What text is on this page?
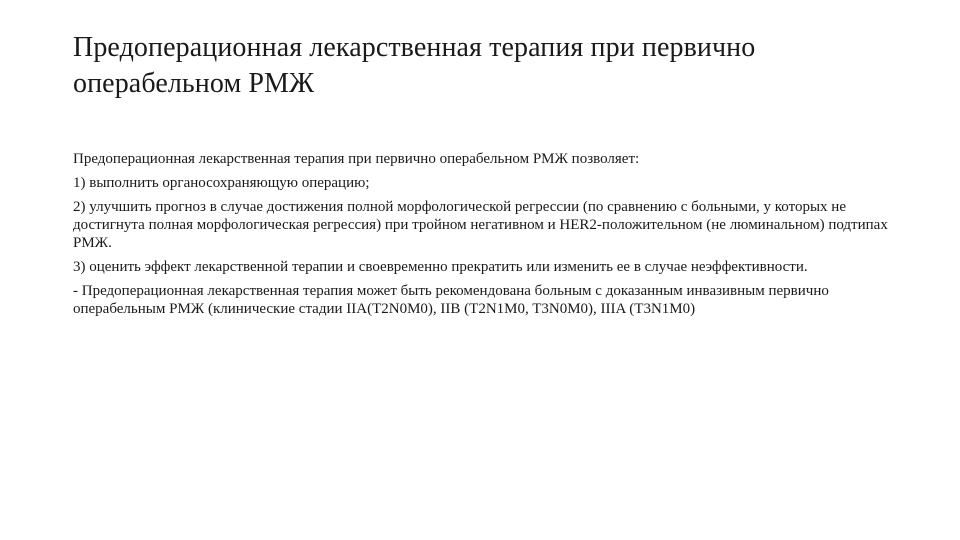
Предоперационная лекарственная терапия при первично операбельном РМЖ

Предоперационная лекарственная терапия при первично операбельном РМЖ позволяет:

1) выполнить органосохраняющую операцию;

2) улучшить прогноз в случае достижения полной морфологической регрессии (по сравнению с больными, у которых не достигнута полная морфологическая регрессия) при тройном негативном и HER2-положительном (не люминальном) подтипах РМЖ.

3) оценить эффект лекарственной терапии и своевременно прекратить или изменить ее в случае неэффективности.

- Предоперационная лекарственная терапия может быть рекомендована больным с доказанным инвазивным первично операбельным РМЖ (клинические стадии IIA(T2N0M0), IIB (T2N1M0, T3N0M0), IIIA (T3N1M0)
